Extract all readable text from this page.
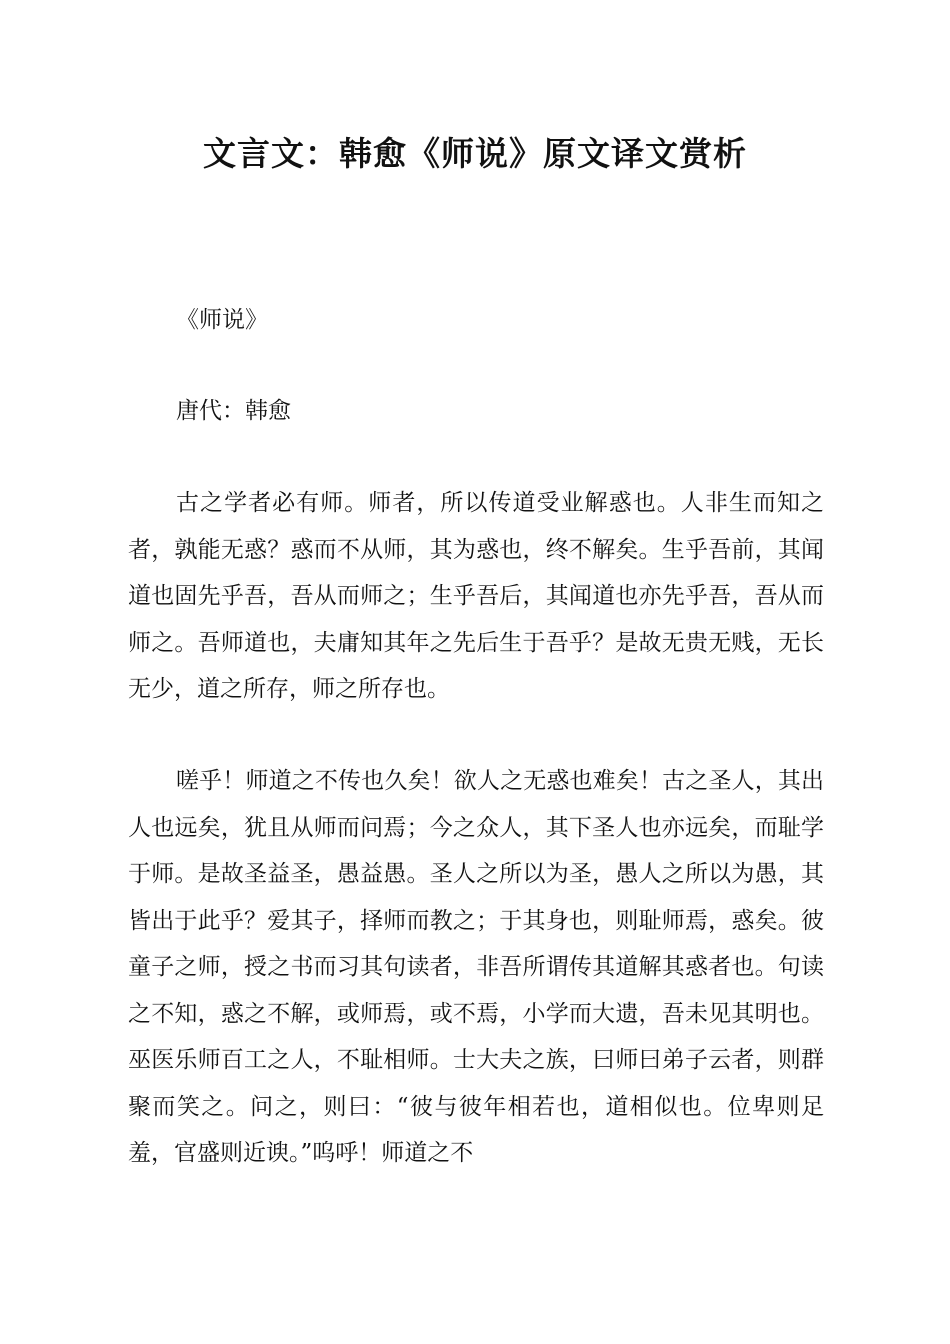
文言文：韩愈《师说》原文译文赏析

《师说》

唐代：韩愈

古之学者必有师。师者，所以传道受业解惑也。人非生而知之者，孰能无惑？惑而不从师，其为惑也，终不解矣。生乎吾前，其闻道也固先乎吾，吾从而师之；生乎吾后，其闻道也亦先乎吾，吾从而师之。吾师道也，夫庸知其年之先后生于吾乎？是故无贵无贱，无长无少，道之所存，师之所存也。

嗟乎！师道之不传也久矣！欲人之无惑也难矣！古之圣人，其出人也远矣，犹且从师而问焉；今之众人，其下圣人也亦远矣，而耻学于师。是故圣益圣，愚益愚。圣人之所以为圣，愚人之所以为愚，其皆出于此乎？爱其子，择师而教之；于其身也，则耻师焉，惑矣。彼童子之师，授之书而习其句读者，非吾所谓传其道解其惑者也。句读之不知，惑之不解，或师焉，或不焉，小学而大遗，吾未见其明也。巫医乐师百工之人，不耻相师。士大夫之族，曰师曰弟子云者，则群聚而笑之。问之，则曰：“彼与彼年相若也，道相似也。位卑则足羞，官盛则近谀。”呜呼！师道之不
